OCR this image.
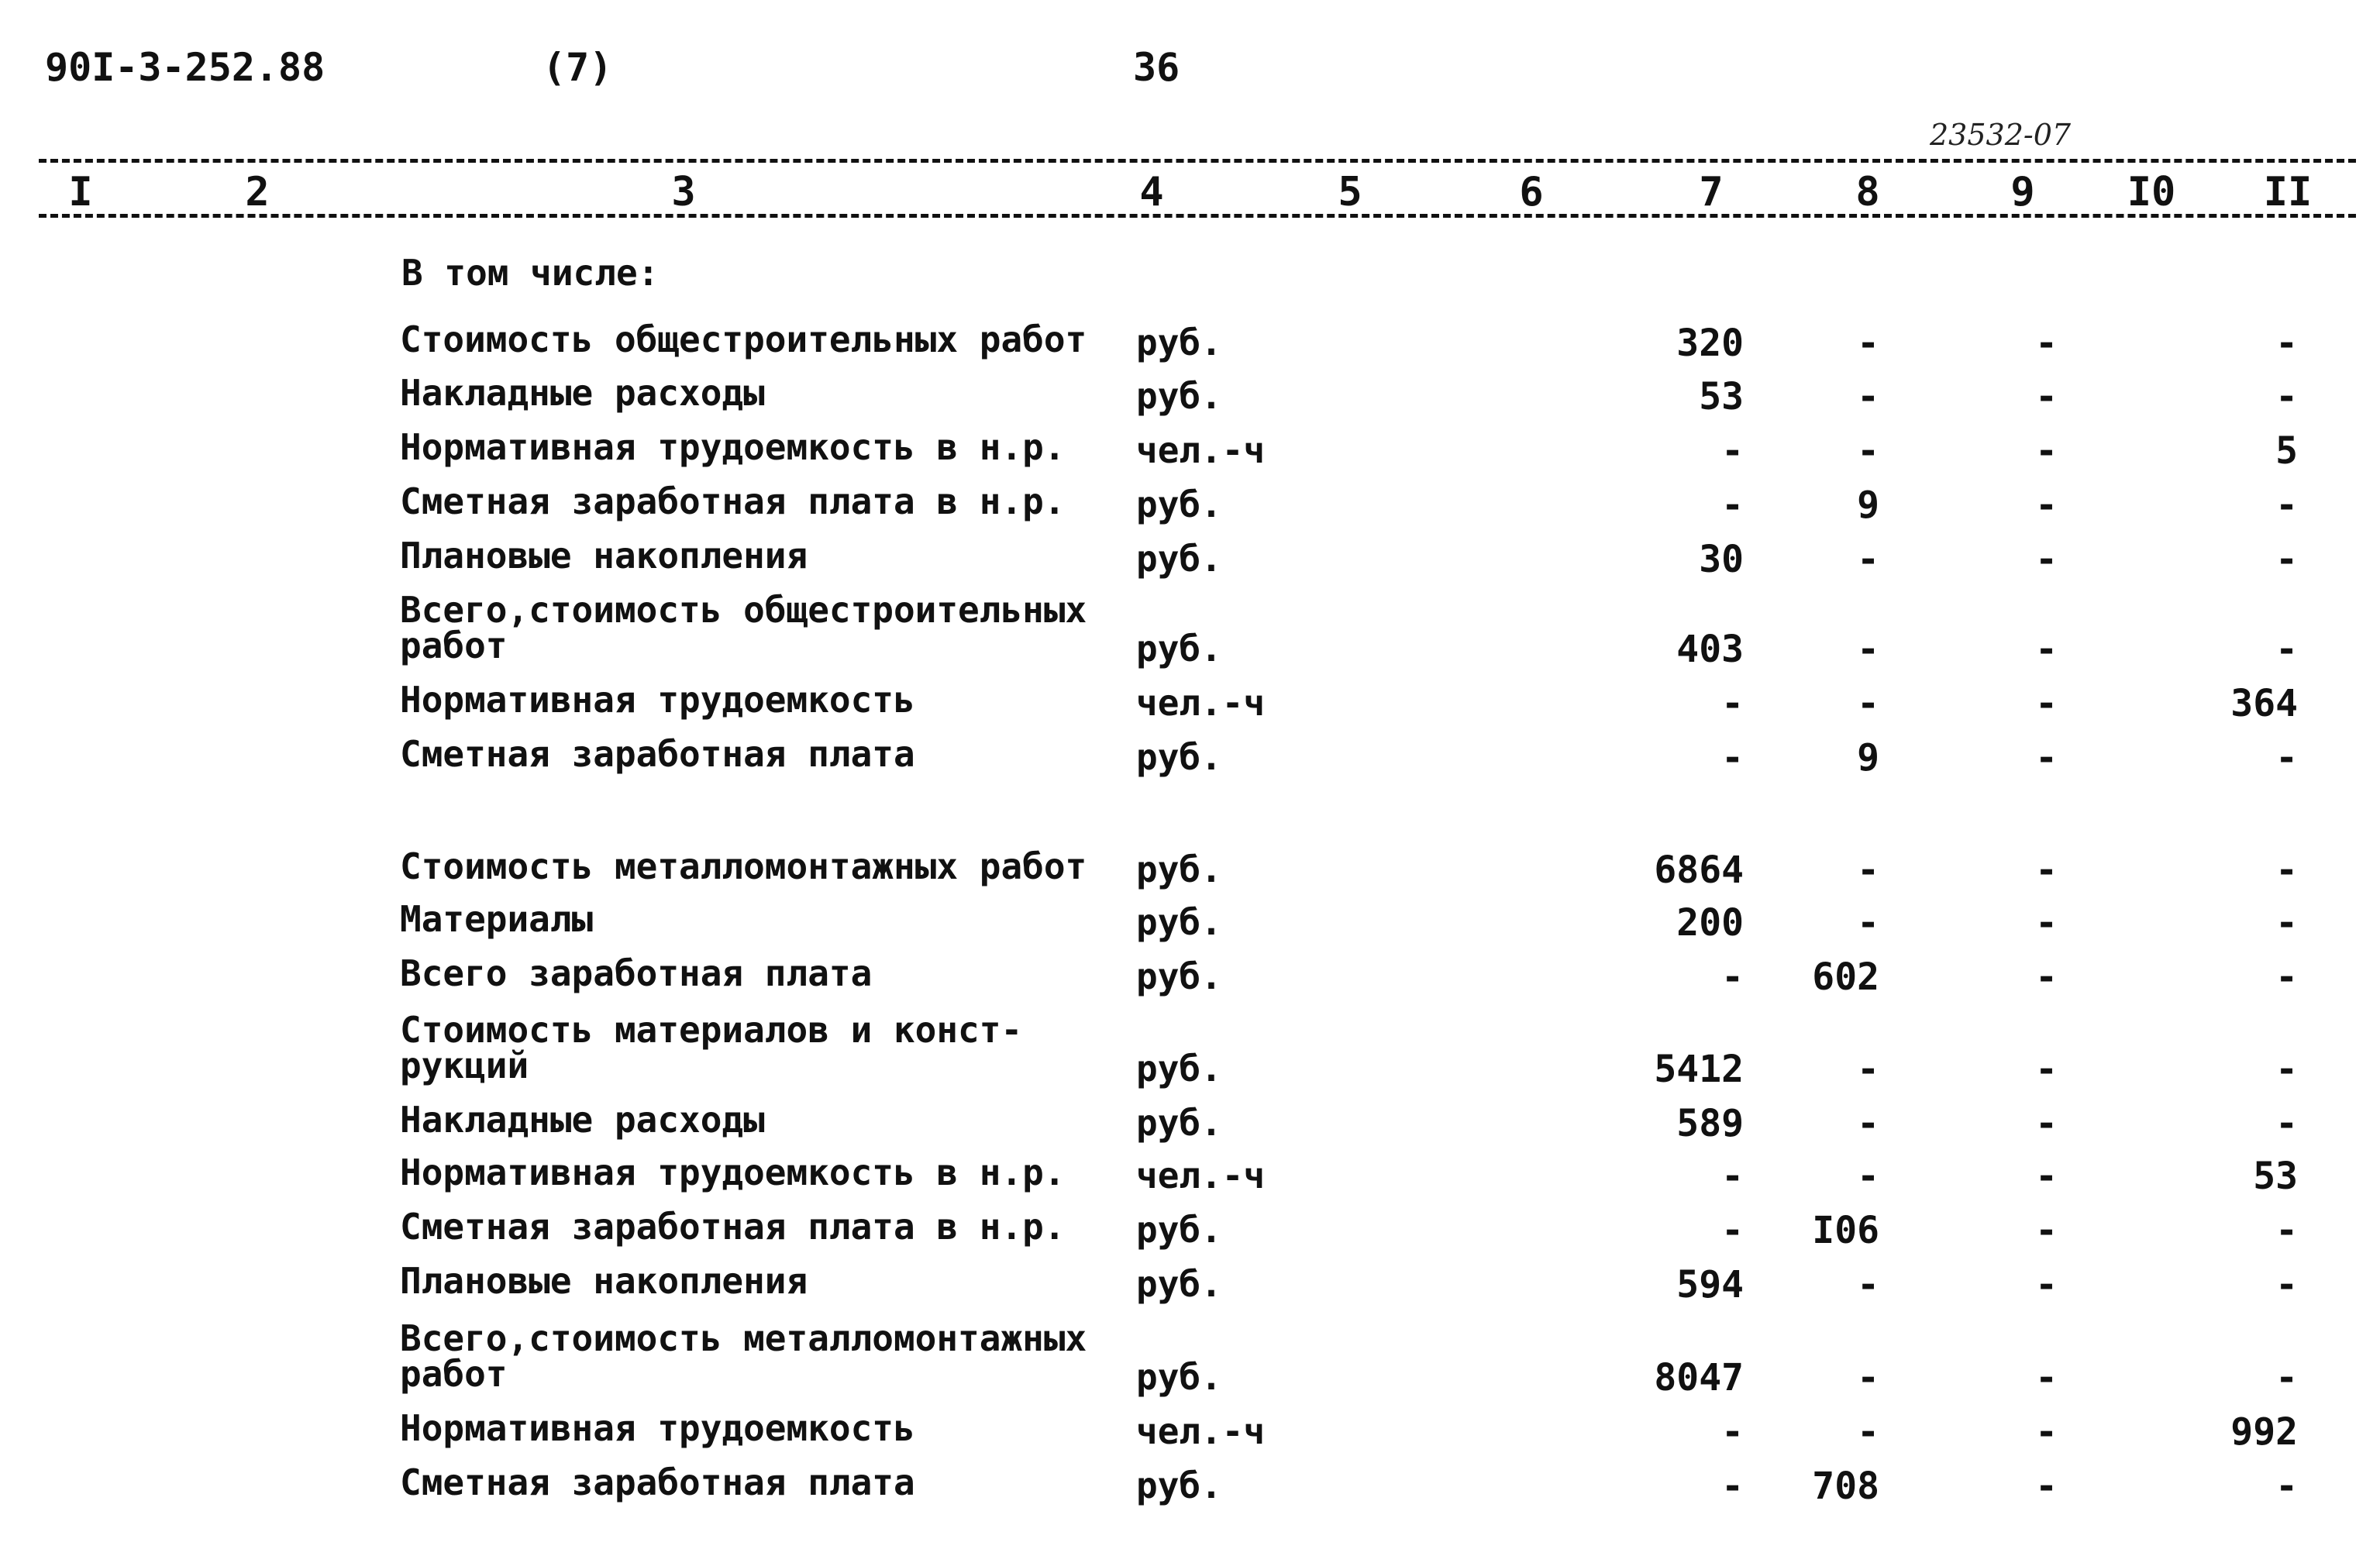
90I-3-252.88	(7)	36
23532-07
I	2	3	4	5	6	7	8	9 I0 II
В том числе:
Стоимость общестроительных работ руб.	320	-	-	-
Накладные расходы	руб.	53	-	-	-
Нормативная трудоемкость в н.р. чел.-ч	-	-	-	5
Сметная заработная плата в н.р. руб.	-	9	-	-
Плановые накопления	руб.	30	-	-	-
Всего,стоимость общестроительных
работ	руб.	403	-	-	-
Нормативная трудоемкость	чел.-ч	-	-	-	364
Сметная заработная плата	руб.	-	9	-	-
Стоимость металломонтажных работ руб.	6864	-	-	-
Материалы	руб.	200	-	-	-
Всего заработная плата	руб.	-	602	-	-
Стоимость материалов и конст-
рукций	руб.	5412	-	-	-
Накладные расходы	руб.	589	-	-	-
Нормативная трудоемкость в н.р. чел.-ч	-	-	-	53
Сметная заработная плата в н.р. руб.	-	I06	-	-
Плановые накопления	руб.	594	-	-	-
Всего,стоимость металломонтажных
работ	руб.	8047	-	-	-
Нормативная трудоемкость	чел.-ч	-	-	-	992
Сметная заработная плата	руб.	-	708	-	-
